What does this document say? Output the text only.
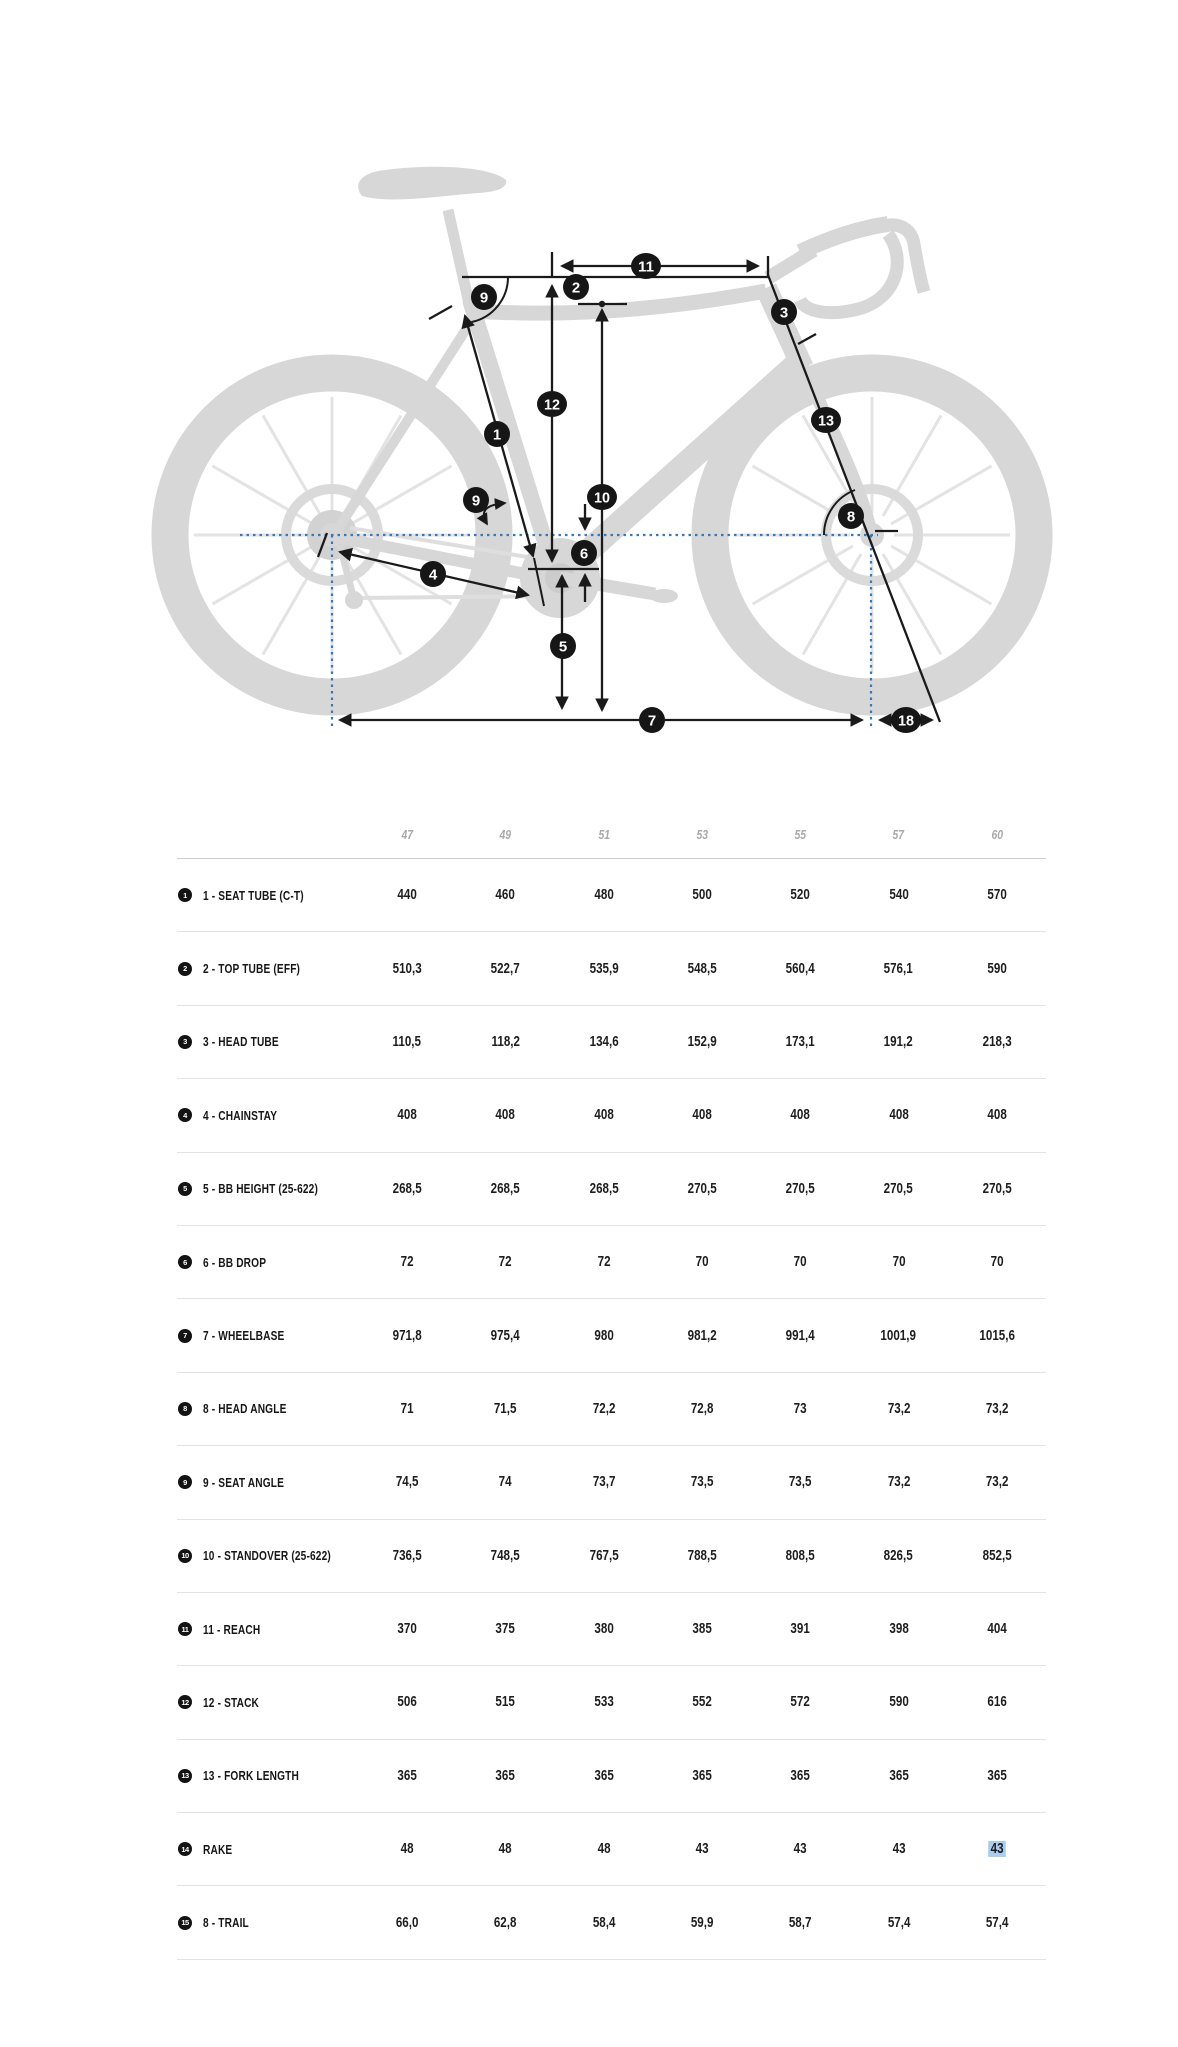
1
2
3
4
5
6
7
8
9
9	10
11
12
13
18
47	49	51	53	55	57	60
1	1 - SEAT TUBE (C-T)	440	460	480	500	520	540	570
2	2 - TOP TUBE (EFF)	510,3	522,7	535,9	548,5	560,4	576,1	590
3	3 - HEAD TUBE	110,5	118,2	134,6	152,9	173,1	191,2	218,3
4	4 - CHAINSTAY	408	408	408	408	408	408	408
5	5 - BB HEIGHT (25-622)	268,5	268,5	268,5	270,5	270,5	270,5	270,5
6	6 - BB DROP	72	72	72	70	70	70	70
7	7 - WHEELBASE	971,8	975,4	980	981,2	991,4	1001,9	1015,6
8	8 - HEAD ANGLE	71	71,5	72,2	72,8	73	73,2	73,2
9	9 - SEAT ANGLE	74,5	74	73,7	73,5	73,5	73,2	73,2
10 10 - STANDOVER (25-622)	736,5	748,5	767,5	788,5	808,5	826,5	852,5
11 11 - REACH	370	375	380	385	391	398	404
12 12 - STACK	506	515	533	552	572	590	616
13 13 - FORK LENGTH	365	365	365	365	365	365	365
14 RAKE	48	48	48	43	43	43	43
15 8 - TRAIL	66,0	62,8	58,4	59,9	58,7	57,4	57,4
